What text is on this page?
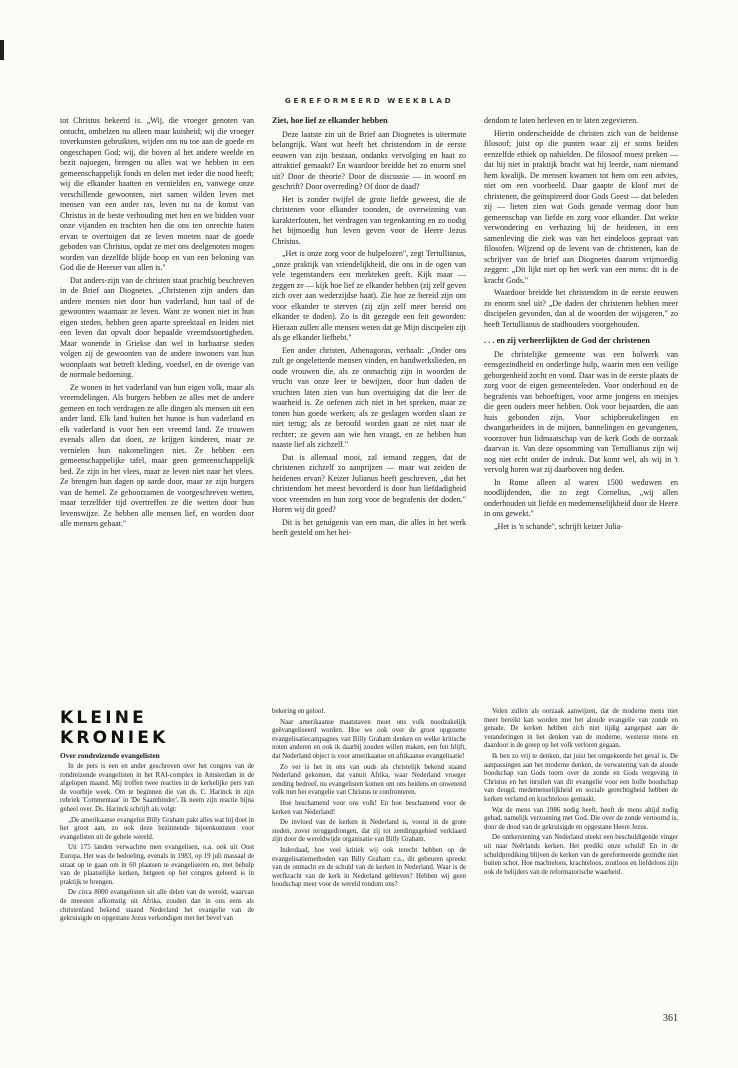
GEREFORMEERD WEEKBLAD

tot Christus bekeerd is. „Wij, die vroeger genoten van ontucht, omhelzen nu alleen maar kuisheid; wij die vroeger toverkunsten gebruikten, wijden ons nu toe aan de goede en ongeschapen God; wij, die boven al het andere weelde en bezit najoegen, brengen nu alles wat we hebben in een gemeenschappelijk fonds en delen met ieder die nood heeft; wij die elkander haatten en vernielden en, vanwege onze verschillende gewoonten, niet samen wilden leven met mensen van een ander ras, leven nu na de komst van Christus in de beste verhouding met hen en we bidden voor onze vijanden en trachten hen die ons ten onrechte haten ervan te overtuigen dat ze leven moeten naar de goede geboden van Christus, opdat ze met ons deelgenoten mogen worden van dezelfde blijde hoop en van een beloning van God die de Heerser van allen is."

Dat anders-zijn van de christen staat prachtig beschreven in de Brief aan Diognetes. „Christenen zijn anders dan andere mensen niet door hun vaderland, hun taal of de gewoonten waarnaar ze leven. Want ze wonen niet in hun eigen steden, hebben geen aparte spreektaal en leiden niet een leven dat opvalt door bepaalde vreemdsoortigheden. Maar wonende in Griekse dan wel in barbaarse steden volgen zij de gewoonten van de andere inwoners van hun woonplaats wat betreft kleding, voedsel, en de overige van de normale bedoening.

Ze wonen in het vaderland van hun eigen volk, maar als vreemdelingen. Als burgers hebben ze alles met de andere gemeen en toch verdragen ze alle dingen als mensen uit een ander land. Elk land buiten het hunne is hun vaderland en elk vaderland is voor hen een vreemd land. Ze trouwen evenals allen dat doen, ze krijgen kinderen, maar ze vernielen hun nakomelingen niet. Ze hebben een gemeenschappelijke tafel, maar geen gemeenschappelijk bed. Ze zijn in het vlees, maar ze leven niet naar het vlees. Ze brengen hun dagen op aarde door, maar ze zijn burgers van de hemel. Ze gehoorzamen de voorgeschreven wetten, maar terzelfder tijd overtreffen ze die wetten door hun levenswijze. Ze hebben alle mensen lief, en worden door alle mensen gehaat."

Ziet, hoe lief ze elkander hebben

Deze laatste zin uit de Brief aan Diognetes is uitermate belangrijk. Want wat heeft het christendom in de eerste eeuwen van zijn bestaan, ondanks vervolging en haat zo attraktief gemaakt? En waardoor breidde het zo enorm snel uit? Door de theorie? Door de discussie — in woord en geschrift? Door overreding? Of door de daad?

Het is zonder twijfel de grote liefde geweest, die de christenen voor elkander toonden, de overwinning van karakterfouten, het verdragen van tegenkanting en zo nodig het bijmoedig hun leven geven voor de Heere Jezus Christus.

„Het is onze zorg voor de hulpelozen", zegt Tertullianus, „onze praktijk van vriendelijkheid, die ons in de ogen van vele tegenstanders een merkteken geeft. Kijk maar — zeggen ze — kijk hoe lief ze elkander hebben (zij zelf geven zich over aan wederzijdse haat). Zie hoe ze bereid zijn om voor elkander te sterven (zij zijn zelf meer bereid om elkander te doden). Zo is dit gezegde een feit geworden: Hieraan zullen alle mensen weten dat ge Mijn discipelen zijt als ge elkander liefhebt."

Een ander christen, Athenagoras, verhaalt: „Onder ons zult ge ongeletterde mensen vinden, en handwerkslieden, en oude vrouwen die, als ze onmachtig zijn in woorden de vrucht van onze leer te bewijzen, door hun daden de vruchten laten zien van hun overtuiging dat die leer de waarheid is. Ze oefenen zich niet in het spreken, maar ze tonen hun goede werken; als ze geslagen worden slaan ze niet terug; als ze beroofd worden gaan ze niet naar de rechter; ze geven aan wie hen vraagt, en ze hebben hun naaste lief als zichzelf."

Dat is allemaal mooi, zal iemand zeggen, dat de christenen zichzelf zo aanprijzen — maar wat zeiden de heidenen ervan? Keizer Julianus heeft geschreven, „dat het christendom het meest bevorderd is door hun liefdadigheid voor vreemden en hun zorg voor de begrafenis der doden." Horen wij dit goed?

Dit is het getuigenis van een man, die alles in het werk heeft gesteld om het hei-

dendom te laten herleven en te laten zegevieren.

Hierin onderscheidde de christen zich van de heidense filosoof; juist op die punten waar zij er soms beiden eenzelfde ethiek op nahielden. De filosoof moest preken — dat hij niet in praktijk bracht wat hij leerde, nam niemand hem kwalijk. De mensen kwamen tot hem om een advies, niet om een voorbeeld. Daar gaapte de kloof met de christenen, die geïnspireerd door Gods Geest — dat beleden zij — lieten zien wat Gods genade vermag door hun gemeenschap van liefde en zorg voor elkander. Dat wekte verwondering en verbazing bij de heidenen, in een samenleving die ziek was van het eindeloos gepraat van filosofen. Wijzend op de levens van de christenen, kan de schrijver van de brief aan Diognetes daarom vrijmoedig zeggen: „Dit lijkt niet op het werk van een mens: dit is de kracht Gods."

Waardoor breidde het christendom in de eerste eeuwen zo enorm snel uit? „De daden der christenen hebben meer discipelen gevonden, dan al de woorden der wijsgeren," zo heeft Tertullianus de stadhouders voorgehouden.

. . . en zij verheerlijkten de God der christenen

De christelijke gemeente was een bolwerk van eensgezindheid en onderlinge hulp, waarin men een veilige geborgenheid zocht en vond. Daar was in de eerste plaats de zorg voor de eigen gemeenteleden. Voor onderhoud en de begrafenis van behoeftigen, voor arme jongens en meisjes die geen ouders meer hebben. Ook voor bejaarden, die aan huis gebonden zijn. Voor schipbreukelingen en dwangarbeiders in de mijnen, bannelingen en gevangenen, voorzover hun lidmaatschap van de kerk Gods de oorzaak daarvan is. Van deze opsomming van Tertullianus zijn wij nog niet echt onder de indruk. Dat komt wel, als wij in 't vervolg horen wat zij daarboven nog deden.

In Rome alleen al waren 1500 weduwen en noodlijdenden, die zo zegt Cornelius, „wij allen onderhouden uit liefde en medemenselijkheid door de Heere in ons gewekt."

„Het is 'n schande", schrijft keizer Julia-

KLEINE KRONIEK
Over rondreizende evangelisten

In de pers is een en ander geschreven over het congres van de rondreizende evangelisten in het RAI-complex in Amsterdam in de afgelopen maand. Mij troffen twee reacties in de kerkelijke pers van de voorbije week. Om te beginnen die van ds. C. Harinck in zijn rubriek 'Commentaar' in 'De Saambinder'. Ik neem zijn reactie bijna geheel over. Ds. Harinck schrijft als volgt:

„De amerikaanse evangelist Billy Graham pakt alles wat hij doet in het groot aan, zo ook deze bezinnende bijeenkomsten voor evangelisten uit de gehele wereld.

Uit 175 landen verwachtte men evangelisen, o.a. ook uit Oost Europa. Het was de bedoeling, evenals in 1983, op 19 juli massaal de straat op te gaan om in 60 plaatsen te evangeliseren en, met behulp van de plaatselijke kerken, hetgeen op het congres geleerd is in praktijk te brengen.

De circa 8000 evangelisten uit alle delen van de wereld, waarvan de meesten afkomstig uit Afrika, zouden dan in ons eens als christenland bekend staand Nederland het evangelie van de gekruisigde en opgestane Jezus verkondigen met het bevel van

bekering en geloof.

Naar amerikaanse maatstaven moet ons volk noodzakelijk geëvangeliseerd worden. Hoe we ook over de groot opgezette evangelisatiecampagnes van Billy Graham denken en welke kritische noten anderen en ook ik daarbij zouden willen maken, een feit blijft, dat Nederland object is voor amerikaanse en afrikaanse evangelisatie!

Zo ver is het in ons van ouds als christelijk bekend staand Nederland gekomen, dat vanuit Afrika, waar Nederland vroeger zending bedreef, nu evangelisten komen om ons heidens en onwetend volk met het evangelie van Christus te confronteren.

Hoe beschamend voor ons volk! En hoe beschamend voor de kerken van Nederland!

De invloed van de kerken in Nederland is, vooral in de grote steden, zover teruggedrongen, dat zij tot zendingsgebied verklaard zijn door de wereldwijde organisatie van Billy Graham.

Inderdaad, hoe veel kritiek wij ook terecht hebben op de evangelisatiemethoden van Billy Graham c.s., dit gebeuren spreekt van de onmacht en de schuld van de kerken in Nederland. Waar is de werfkracht van de kerk in Nederland gebleven? Hebben wij geen boodschap meer voor de wereld rondom ons?

Velen zullen als oorzaak aanwijzen, dat de moderne mens niet meer bereikt kan worden met het aloude evangelie van zonde en genade. De kerken hebben zich niet tijdig aangepast aan de veranderingen in het denken van de moderne, westerse mens en daardoor is de greep op het volk verloren gegaan.

Ik ben zo vrij te denken, dat juist het omgekeerde het geval is. De aanpassingen aan het moderne denken, de verwatering van de aloude boodschap van Gods toorn over de zonde en Gods vergeving in Christus en het inruilen van dit evangelie voor een holle boodschap van deugd, medemenselijkheid en sociale gerechtigheid hebben de kerken verlamd en krachteloos gemaakt.

Wat de mens van 1986 nodig heeft, heeft de mens altijd nodig gehad, namelijk verzoening met God. Die over de zonde vertoornd is, door de dood van de gekruisigde en opgestane Heere Jezus.

De ontkerstening van Nederland steekt een beschuldigende vinger uit naar Neêrlands kerken. Het prediki onze schuld! En in de schuldprediking blijven de kerken van de gereformeerde gezindte niet buiten schot. Hoe machteloos, krachteloos, zoutloos en liefdeloos zijn ook de belijders van de reformatorische waarheid.

361
